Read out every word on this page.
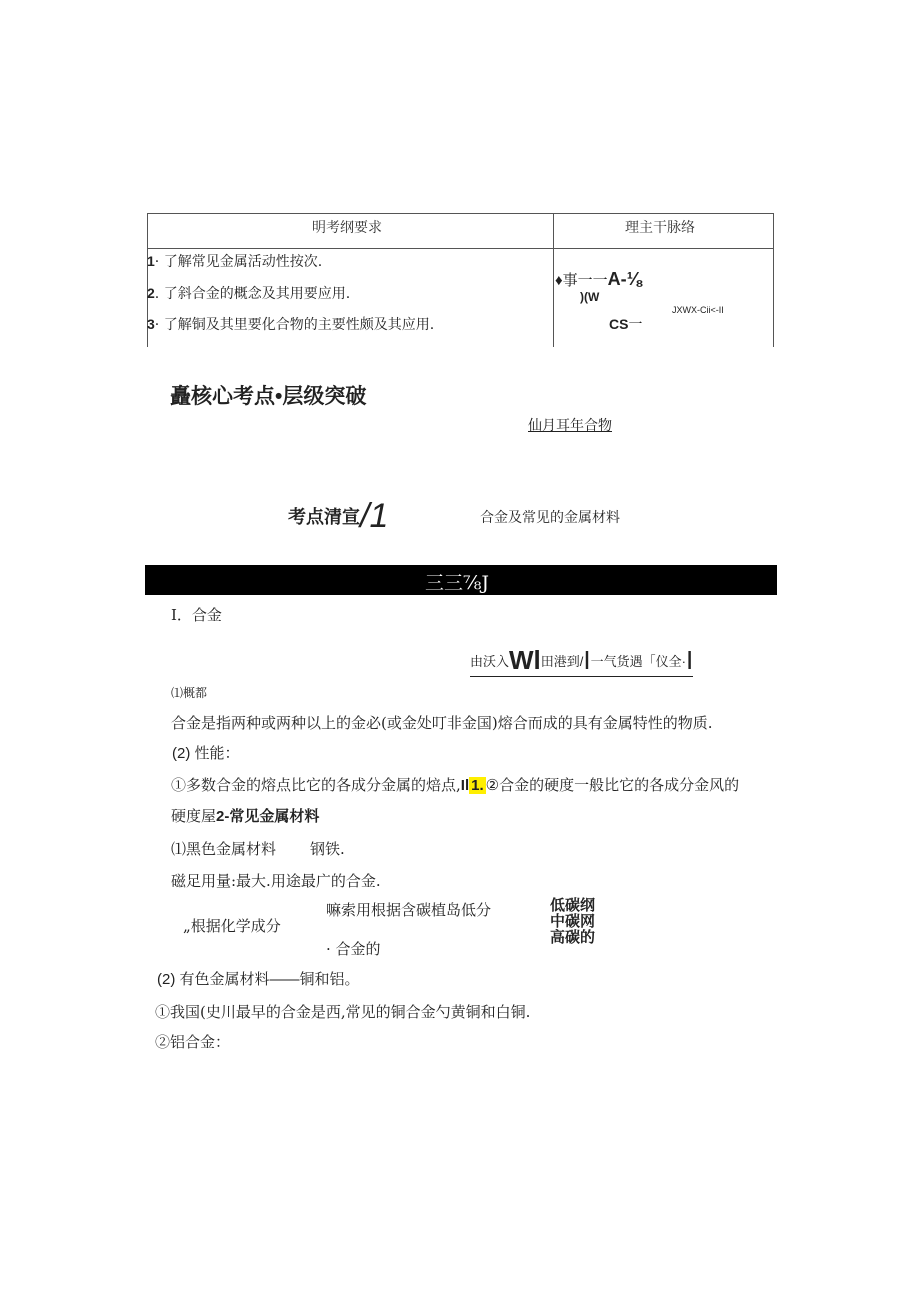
明考纲要求	理主干脉络
1· 了解常见金属活动性按次.
2. 了斜合金的概念及其用要应用.
3· 了解铜及其里要化合物的主要性颇及其应用.
♦事一一A-⅛
)(W
JXWX-Cii<-II
CS一
矗核心考点•层级突破
仙月耳年合物
考点清宣/1	合金及常见的金属材料
三三⅞J
I．合金
由沃入Wl田港到/I一气货遇「仪全·I
⑴概都
合金是指两种或两种以上的金必(或金处叮非金国)熔合而成的具有金属特性的物质.
(2) 性能：
①多数合金的熔点比它的各成分金属的焙点,Il 1. ②合金的硬度一般比它的各成分金风的
硬度屋2-常见金属材料
⑴黑色金属材料 钢铁.
磁足用量:最大.用途最广的合金.
嘛索用根据含碳植岛低分
„根据化学成分
· 合金的
低碳纲
中碳网
高碳的
(2) 有色金属材料——铜和铝。
①我国(史川最早的合金是西,常见的铜合金勺黄铜和白铜.
②铝合金：
